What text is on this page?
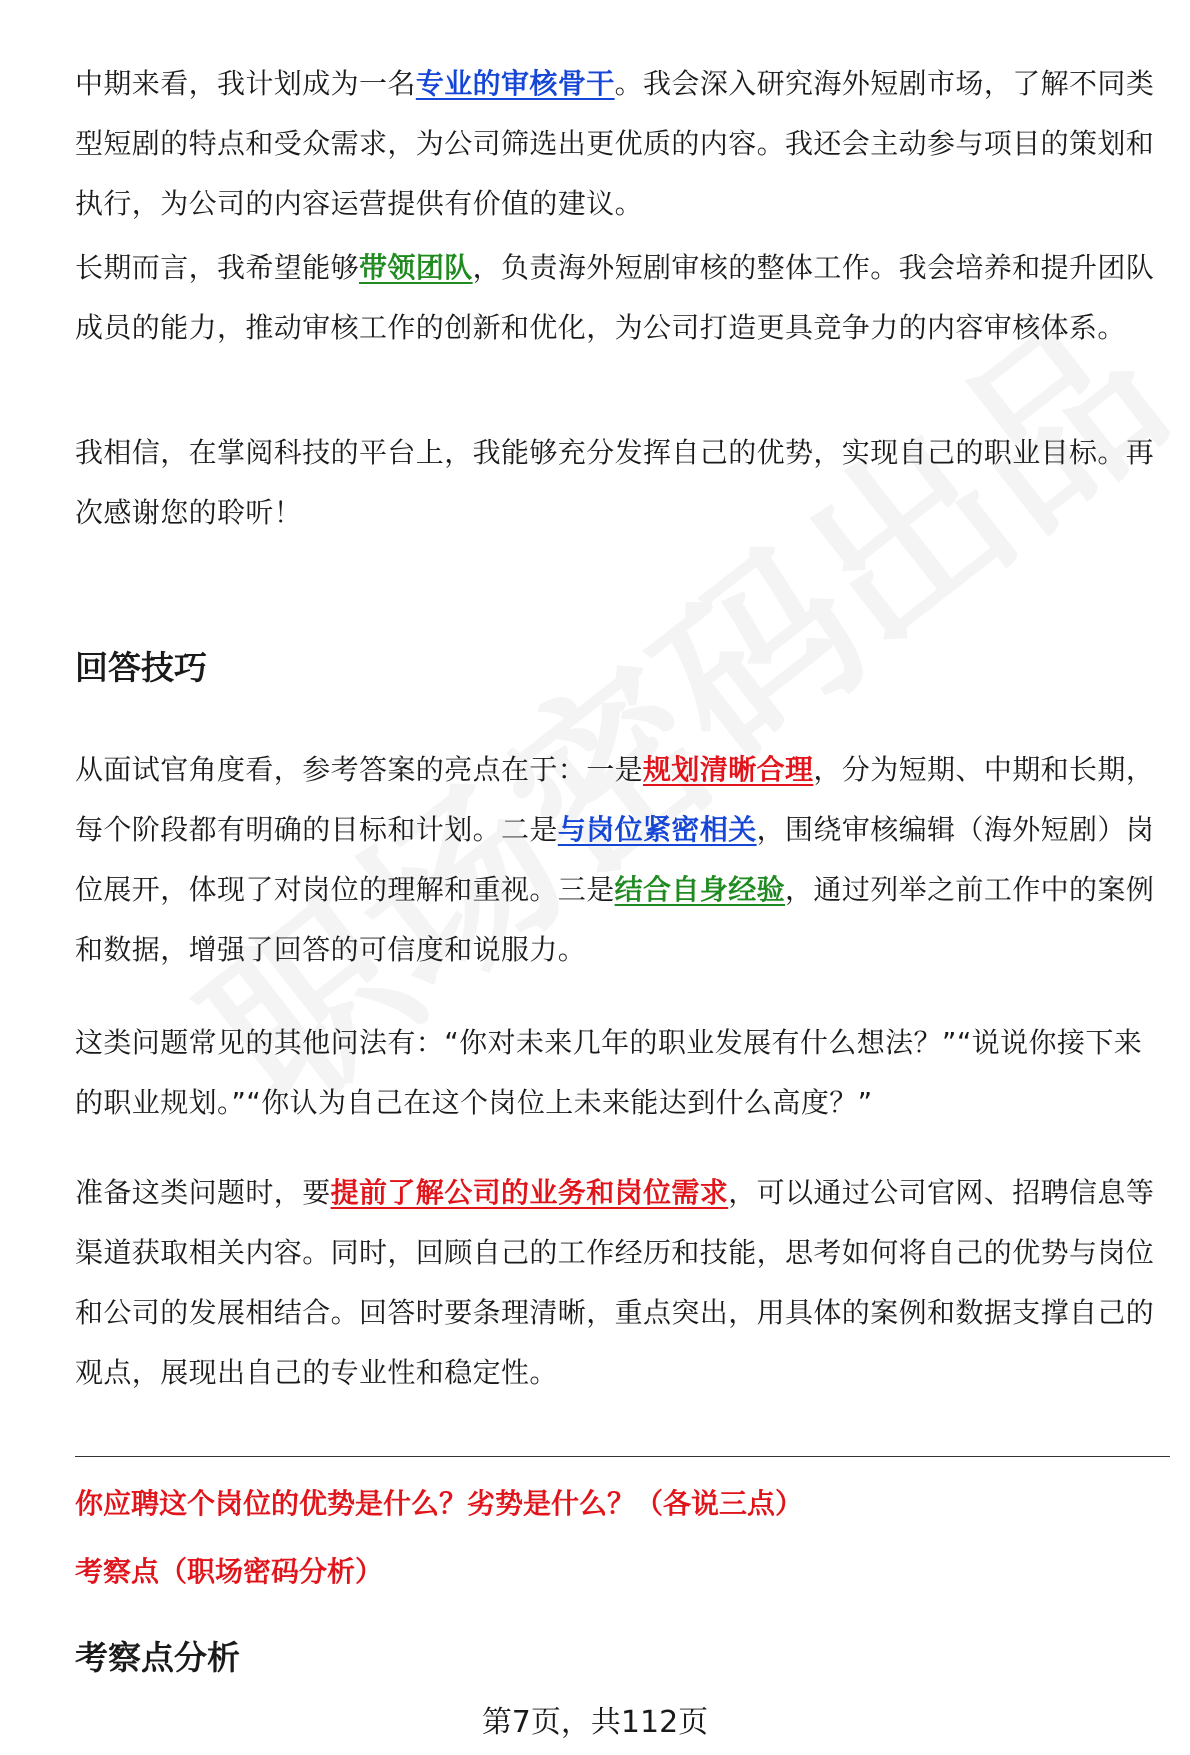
中期来看，我计划成为一名专业的审核骨干。我会深入研究海外短剧市场，了解不同类型短剧的特点和受众需求，为公司筛选出更优质的内容。我还会主动参与项目的策划和执行，为公司的内容运营提供有价值的建议。

长期而言，我希望能够带领团队，负责海外短剧审核的整体工作。我会培养和提升团队成员的能力，推动审核工作的创新和优化，为公司打造更具竞争力的内容审核体系。

我相信，在掌阅科技的平台上，我能够充分发挥自己的优势，实现自己的职业目标。再次感谢您的聆听！

回答技巧

从面试官角度看，参考答案的亮点在于：一是规划清晰合理，分为短期、中期和长期，每个阶段都有明确的目标和计划。二是与岗位紧密相关，围绕审核编辑（海外短剧）岗位展开，体现了对岗位的理解和重视。三是结合自身经验，通过列举之前工作中的案例和数据，增强了回答的可信度和说服力。

这类问题常见的其他问法有：“你对未来几年的职业发展有什么想法？”“说说你接下来的职业规划。”“你认为自己在这个岗位上未来能达到什么高度？”

准备这类问题时，要提前了解公司的业务和岗位需求，可以通过公司官网、招聘信息等渠道获取相关内容。同时，回顾自己的工作经历和技能，思考如何将自己的优势与岗位和公司的发展相结合。回答时要条理清晰，重点突出，用具体的案例和数据支撑自己的观点，展现出自己的专业性和稳定性。

你应聘这个岗位的优势是什么？劣势是什么？（各说三点）

考察点（职场密码分析）

考察点分析
第7页，共112页
